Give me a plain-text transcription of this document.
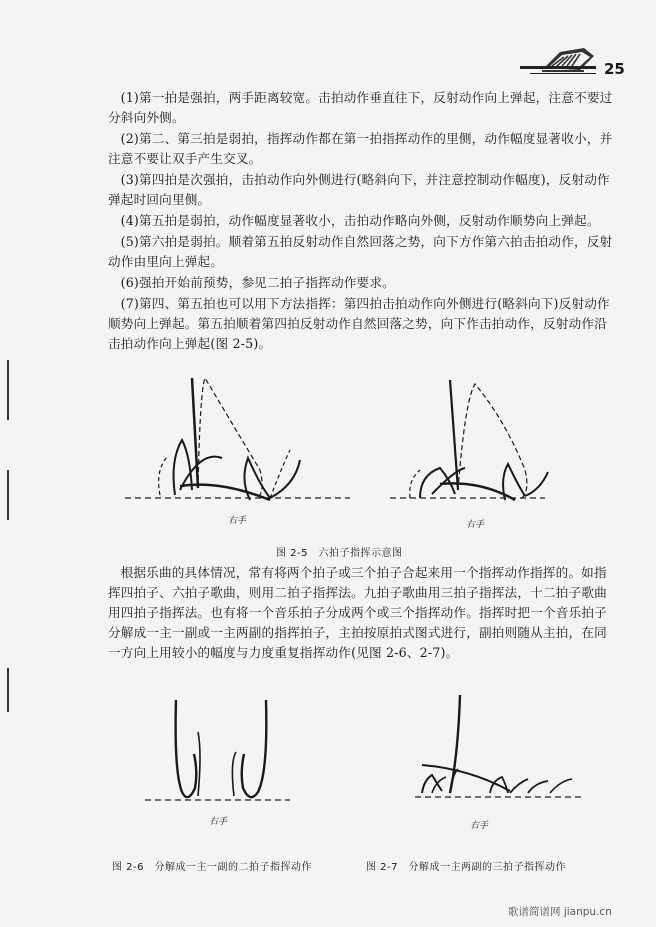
25

(1)第一拍是强拍，两手距离较宽。击拍动作垂直往下，反射动作向上弹起，注意不要过分斜向外侧。

(2)第二、第三拍是弱拍，指挥动作都在第一拍指挥动作的里侧，动作幅度显著收小，并注意不要让双手产生交叉。

(3)第四拍是次强拍，击拍动作向外侧进行(略斜向下，并注意控制动作幅度)，反射动作弹起时回向里侧。

(4)第五拍是弱拍，动作幅度显著收小，击拍动作略向外侧，反射动作顺势向上弹起。

(5)第六拍是弱拍。顺着第五拍反射动作自然回落之势，向下方作第六拍击拍动作，反射动作由里向上弹起。

(6)强拍开始前预势，参见二拍子指挥动作要求。

(7)第四、第五拍也可以用下方法指挥：第四拍击拍动作向外侧进行(略斜向下)反射动作顺势向上弹起。第五拍顺着第四拍反射动作自然回落之势，向下作击拍动作，反射动作沿击拍动作向上弹起(图 2-5)。

右手	右手
图 2-5　六拍子指挥示意图

根据乐曲的具体情况，常有将两个拍子或三个拍子合起来用一个指挥动作指挥的。如指挥四拍子、六拍子歌曲，则用二拍子指挥法。九拍子歌曲用三拍子指挥法，十二拍子歌曲用四拍子指挥法。也有将一个音乐拍子分成两个或三个指挥动作。指挥时把一个音乐拍子分解成一主一副或一主两副的指挥拍子，主拍按原拍式图式进行，副拍则随从主拍，在同一方向上用较小的幅度与力度重复指挥动作(见图 2-6、2-7)。

右手	右手
图 2-6　分解成一主一副的二拍子指挥动作	图 2-7　分解成一主两副的三拍子指挥动作
歌谱简谱网 jianpu.cn
